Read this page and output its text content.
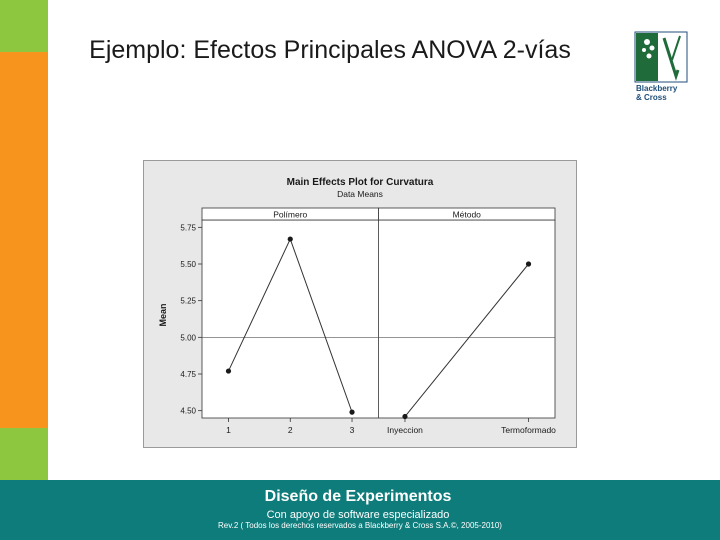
Ejemplo: Efectos Principales ANOVA 2-vías
Blackberry
& Cross
Main Effects Plot for Curvatura
Data Means
Mean
Polímero	Método
5.75
5.50
5.25
5.00
4.75
4.50
1	2	3	Inyeccion	Termoformado
Diseño de Experimentos
Con apoyo de software especializado
Rev.2 ( Todos los derechos reservados a Blackberry & Cross S.A.©, 2005-2010)
